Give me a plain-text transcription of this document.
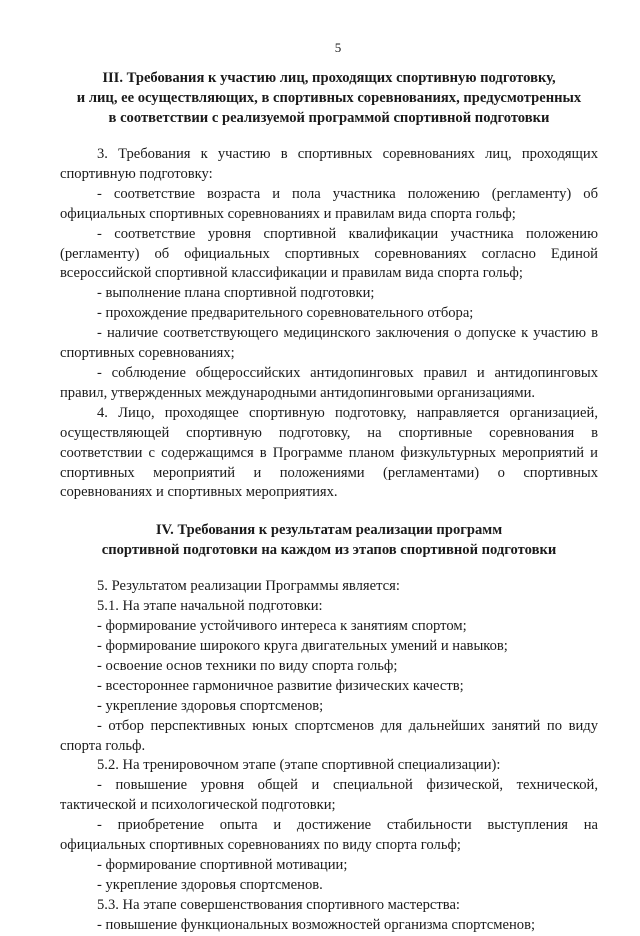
5
III. Требования к участию лиц, проходящих спортивную подготовку,
и лиц, ее осуществляющих, в спортивных соревнованиях, предусмотренных
в соответствии с реализуемой программой спортивной подготовки

3. Требования к участию в спортивных соревнованиях лиц, проходящих спортивную подготовку:

- соответствие возраста и пола участника положению (регламенту) об официальных спортивных соревнованиях и правилам вида спорта гольф;

- соответствие уровня спортивной квалификации участника положению (регламенту) об официальных спортивных соревнованиях согласно Единой всероссийской спортивной классификации и правилам вида спорта гольф;

- выполнение плана спортивной подготовки;

- прохождение предварительного соревновательного отбора;

- наличие соответствующего медицинского заключения о допуске к участию в спортивных соревнованиях;

- соблюдение общероссийских антидопинговых правил и антидопинговых правил, утвержденных международными антидопинговыми организациями.

4. Лицо, проходящее спортивную подготовку, направляется организацией, осуществляющей спортивную подготовку, на спортивные соревнования в соответствии с содержащимся в Программе планом физкультурных мероприятий и спортивных мероприятий и положениями (регламентами) о спортивных соревнованиях и спортивных мероприятиях.

IV. Требования к результатам реализации программ
спортивной подготовки на каждом из этапов спортивной подготовки

5. Результатом реализации Программы является:

5.1. На этапе начальной подготовки:

- формирование устойчивого интереса к занятиям спортом;

- формирование широкого круга двигательных умений и навыков;

- освоение основ техники по виду спорта гольф;

- всестороннее гармоничное развитие физических качеств;

- укрепление здоровья спортсменов;

- отбор перспективных юных спортсменов для дальнейших занятий по виду спорта гольф.

5.2. На тренировочном этапе (этапе спортивной специализации):

- повышение уровня общей и специальной физической, технической, тактической и психологической подготовки;

- приобретение опыта и достижение стабильности выступления на официальных спортивных соревнованиях по виду спорта гольф;

- формирование спортивной мотивации;

- укрепление здоровья спортсменов.

5.3. На этапе совершенствования спортивного мастерства:

- повышение функциональных возможностей организма спортсменов;
